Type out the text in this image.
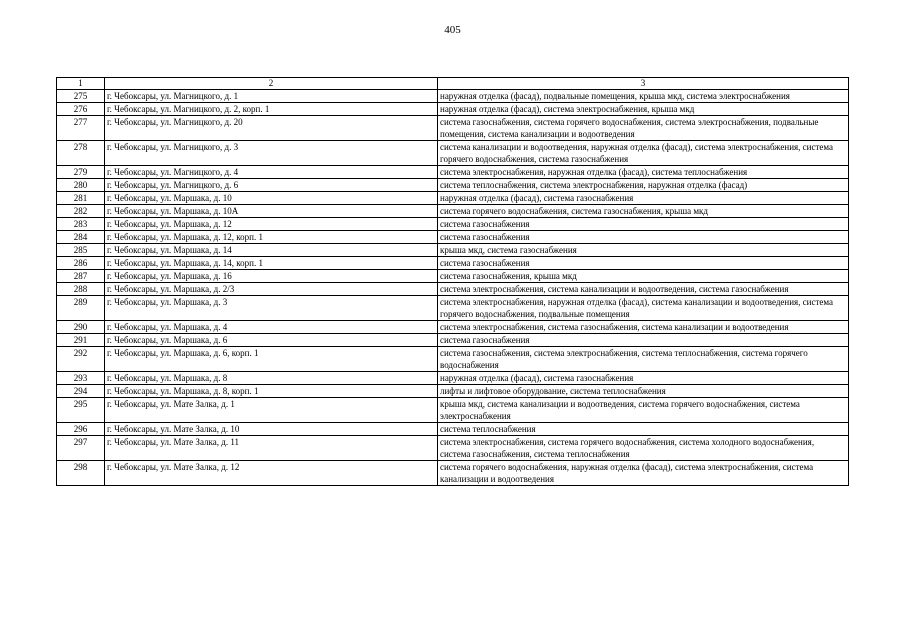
405
1	2	3
275	г. Чебоксары, ул. Магницкого, д. 1	наружная отделка (фасад), подвальные помещения, крыша мкд, система электроснабжения
276	г. Чебоксары, ул. Магницкого, д. 2, корп. 1	наружная отделка (фасад), система электроснабжения, крыша мкд
277	г. Чебоксары, ул. Магницкого, д. 20	система газоснабжения, система горячего водоснабжения, система электроснабжения, подвальные помещения, система канализации и водоотведения
278	г. Чебоксары, ул. Магницкого, д. 3	система канализации и водоотведения, наружная отделка (фасад), система электроснабжения, система горячего водоснабжения, система газоснабжения
279	г. Чебоксары, ул. Магницкого, д. 4	система электроснабжения, наружная отделка (фасад), система теплоснабжения
280	г. Чебоксары, ул. Магницкого, д. 6	система теплоснабжения, система электроснабжения, наружная отделка (фасад)
281	г. Чебоксары, ул. Маршака, д. 10	наружная отделка (фасад), система газоснабжения
282	г. Чебоксары, ул. Маршака, д. 10А	система горячего водоснабжения, система газоснабжения, крыша мкд
283	г. Чебоксары, ул. Маршака, д. 12	система газоснабжения
284	г. Чебоксары, ул. Маршака, д. 12, корп. 1	система газоснабжения
285	г. Чебоксары, ул. Маршака, д. 14	крыша мкд, система газоснабжения
286	г. Чебоксары, ул. Маршака, д. 14, корп. 1	система газоснабжения
287	г. Чебоксары, ул. Маршака, д. 16	система газоснабжения, крыша мкд
288	г. Чебоксары, ул. Маршака, д. 2/3	система электроснабжения, система канализации и водоотведения, система газоснабжения
289	г. Чебоксары, ул. Маршака, д. 3	система электроснабжения, наружная отделка (фасад), система канализации и водоотведения, система горячего водоснабжения, подвальные помещения
290	г. Чебоксары, ул. Маршака, д. 4	система электроснабжения, система газоснабжения, система канализации и водоотведения
291	г. Чебоксары, ул. Маршака, д. 6	система газоснабжения
292	г. Чебоксары, ул. Маршака, д. 6, корп. 1	система газоснабжения, система электроснабжения, система теплоснабжения, система горячего водоснабжения
293	г. Чебоксары, ул. Маршака, д. 8	наружная отделка (фасад), система газоснабжения
294	г. Чебоксары, ул. Маршака, д. 8, корп. 1	лифты и лифтовое оборудование, система теплоснабжения
295	г. Чебоксары, ул. Мате Залка, д. 1	крыша мкд, система канализации и водоотведения, система горячего водоснабжения, система электроснабжения
296	г. Чебоксары, ул. Мате Залка, д. 10	система теплоснабжения
297	г. Чебоксары, ул. Мате Залка, д. 11	система электроснабжения, система горячего водоснабжения, система холодного водоснабжения, система газоснабжения, система теплоснабжения
298	г. Чебоксары, ул. Мате Залка, д. 12	система горячего водоснабжения, наружная отделка (фасад), система электроснабжения, система канализации и водоотведения
